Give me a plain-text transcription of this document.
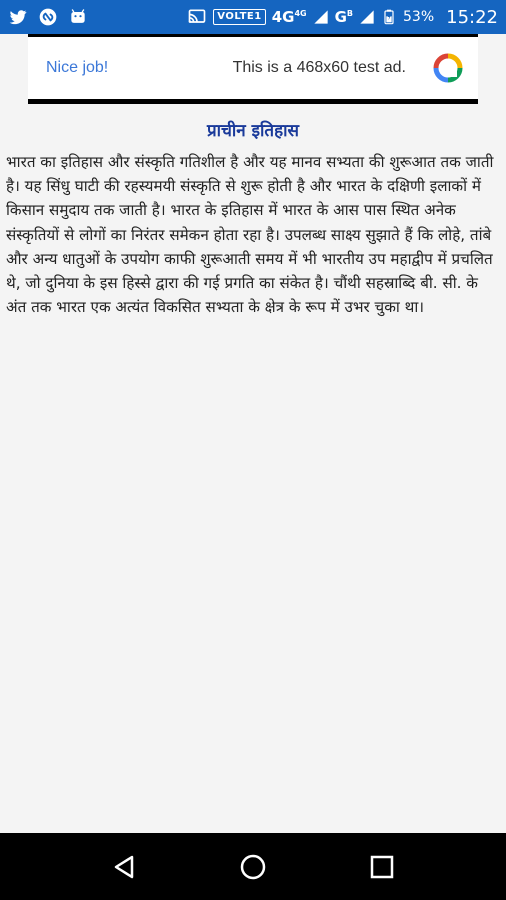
VOLTE1 $4G^{4G}$ $G^B$	53% 15:22
Nice job!	This is a 468x60 test ad.
प्राचीन इतिहास
भारत का इतिहास और संस्कृति गतिशील है और यह मानव सभ्यता की शुरूआत तक जाती है। यह सिंधु घाटी की रहस्यमयी संस्कृति से शुरू होती है और भारत के दक्षिणी इलाकों में किसान समुदाय तक जाती है। भारत के इतिहास में भारत के आस पास स्थित अनेक संस्कृतियों से लोगों का निरंतर समेकन होता रहा है। उपलब्ध साक्ष्य सुझाते हैं कि लोहे, तांबे और अन्य धातुओं के उपयोग काफी शुरूआती समय में भी भारतीय उप महाद्वीप में प्रचलित थे, जो दुनिया के इस हिस्से द्वारा की गई प्रगति का संकेत है। चौंथी सहस्राब्दि बी. सी. के अंत तक भारत एक अत्यंत विकसित सभ्यता के क्षेत्र के रूप में उभर चुका था।
